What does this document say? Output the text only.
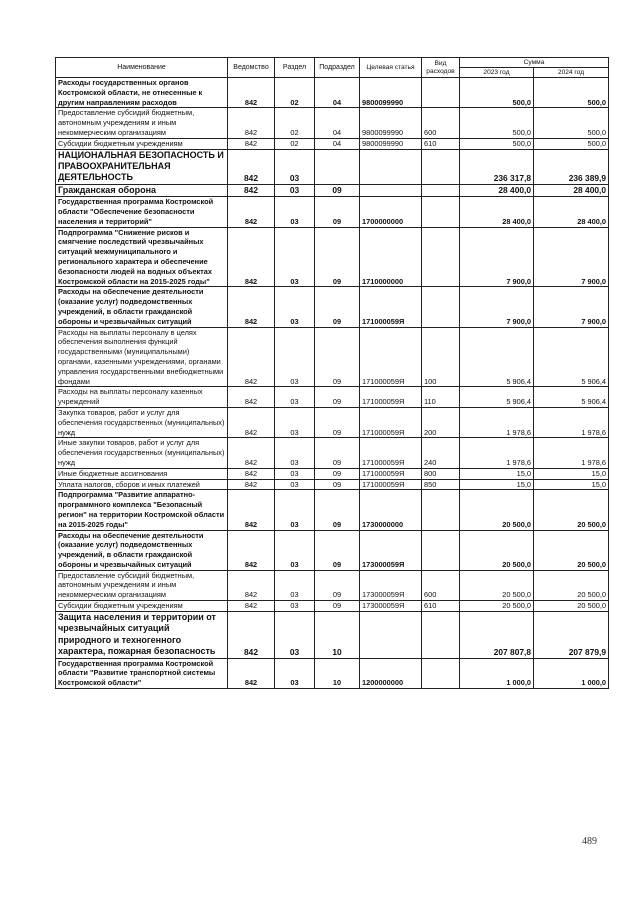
Наименование	Ведомство	Раздел	Подраздел	Целевая статья	Вид расходов	Сумма	
						2023 год	2024 год
Расходы государственных органов Костромской области, не отнесенные к другим направлениям расходов	842	02	04	9800099990		500,0	500,0
Предоставление субсидий бюджетным, автономным учреждениям и иным некоммерческим организациям	842	02	04	9800099990	600	500,0	500,0
Субсидии бюджетным учреждениям	842	02	04	9800099990	610	500,0	500,0
НАЦИОНАЛЬНАЯ БЕЗОПАСНОСТЬ И ПРАВООХРАНИТЕЛЬНАЯ ДЕЯТЕЛЬНОСТЬ	842	03				236 317,8	236 389,9
Гражданская оборона	842	03	09			28 400,0	28 400,0
Государственная программа Костромской области "Обеспечение безопасности населения и территорий"	842	03	09	1700000000		28 400,0	28 400,0
Подпрограмма "Снижение рисков и смягчение последствий чрезвычайных ситуаций межмуниципального и регионального характера и обеспечение безопасности людей на водных объектах Костромской области на 2015-2025 годы"	842	03	09	1710000000		7 900,0	7 900,0
Расходы на обеспечение деятельности (оказание услуг) подведомственных учреждений, в области гражданской обороны и чрезвычайных ситуаций	842	03	09	171000059Я		7 900,0	7 900,0
Расходы на выплаты персоналу в целях обеспечения выполнения функций государственными (муниципальными) органами, казенными учреждениями, органами управления государственными внебюджетными фондами	842	03	09	171000059Я	100	5 906,4	5 906,4
Расходы на выплаты персоналу казенных учреждений	842	03	09	171000059Я	110	5 906,4	5 906,4
Закупка товаров, работ и услуг для обеспечения государственных (муниципальных) нужд	842	03	09	171000059Я	200	1 978,6	1 978,6
Иные закупки товаров, работ и услуг для обеспечения государственных (муниципальных) нужд	842	03	09	171000059Я	240	1 978,6	1 978,6
Иные бюджетные ассигнования	842	03	09	171000059Я	800	15,0	15,0
Уплата налогов, сборов и иных платежей	842	03	09	171000059Я	850	15,0	15,0
Подпрограмма "Развитие аппаратно-программного комплекса "Безопасный регион" на территории Костромской области на 2015-2025 годы"	842	03	09	1730000000		20 500,0	20 500,0
Расходы на обеспечение деятельности (оказание услуг) подведомственных учреждений, в области гражданской обороны и чрезвычайных ситуаций	842	03	09	173000059Я		20 500,0	20 500,0
Предоставление субсидий бюджетным, автономным учреждениям и иным некоммерческим организациям	842	03	09	173000059Я	600	20 500,0	20 500,0
Субсидии бюджетным учреждениям	842	03	09	173000059Я	610	20 500,0	20 500,0
Защита населения и территории от чрезвычайных ситуаций природного и техногенного характера, пожарная безопасность	842	03	10			207 807,8	207 879,9
Государственная программа Костромской области "Развитие транспортной системы Костромской области"	842	03	10	1200000000		1 000,0	1 000,0
489
